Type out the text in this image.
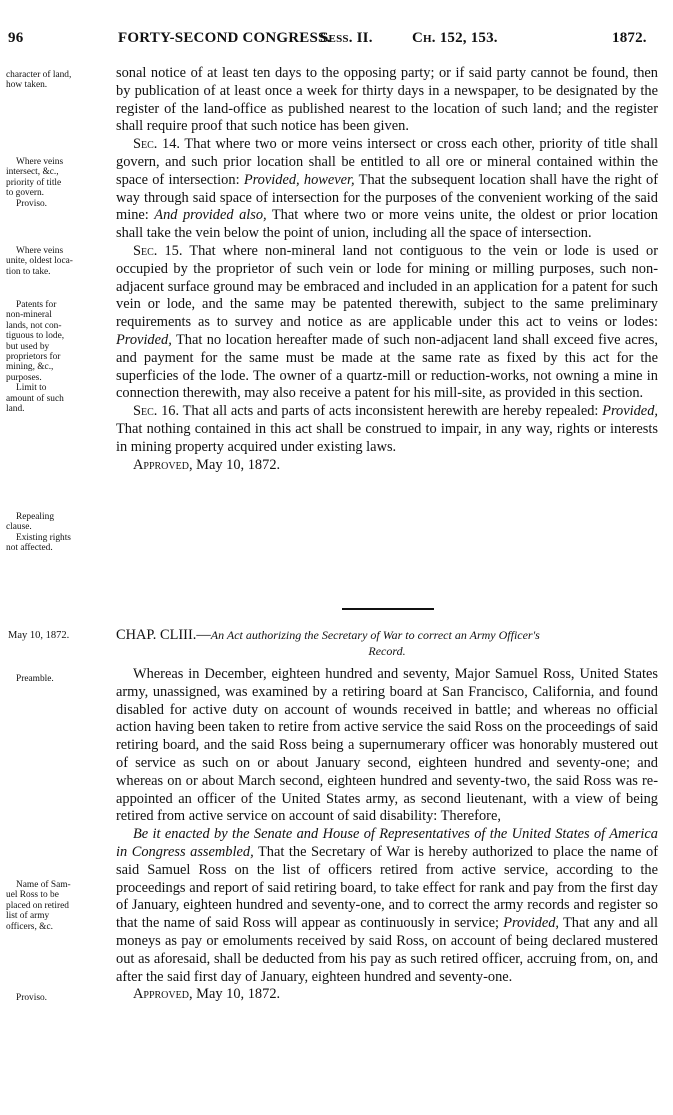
96	FORTY-SECOND CONGRESS.
Sess. II.	Ch. 152, 153.	1872.
character of land,
how taken.
Where veins
intersect, &c.,
priority of title
to govern.
Proviso.
Where veins
unite, oldest loca-
tion to take.
Patents for
non-mineral
lands, not con-
tiguous to lode,
but used by
proprietors for
mining, &c.,
purposes.
Limit to
amount of such
land.
Repealing
clause.
Existing rights
not affected.
Preamble.
Name of Sam-
uel Ross to be
placed on retired
list of army
officers, &c.
Proviso.

sonal notice of at least ten days to the opposing party; or if said party cannot be found, then by publication of at least once a week for thirty days in a newspaper, to be designated by the register of the land-office as published nearest to the location of such land; and the register shall require proof that such notice has been given.

Sec. 14. That where two or more veins intersect or cross each other, priority of title shall govern, and such prior location shall be entitled to all ore or mineral contained within the space of intersection: Provided, however, That the subsequent location shall have the right of way through said space of intersection for the purposes of the convenient working of the said mine: And provided also, That where two or more veins unite, the oldest or prior location shall take the vein below the point of union, including all the space of intersection.

Sec. 15. That where non-mineral land not contiguous to the vein or lode is used or occupied by the proprietor of such vein or lode for mining or milling purposes, such non-adjacent surface ground may be embraced and included in an application for a patent for such vein or lode, and the same may be patented therewith, subject to the same preliminary requirements as to survey and notice as are applicable under this act to veins or lodes: Provided, That no location hereafter made of such non-adjacent land shall exceed five acres, and payment for the same must be made at the same rate as fixed by this act for the superficies of the lode. The owner of a quartz-mill or reduction-works, not owning a mine in connection therewith, may also receive a patent for his mill-site, as provided in this section.

Sec. 16. That all acts and parts of acts inconsistent herewith are hereby repealed: Provided, That nothing contained in this act shall be construed to impair, in any way, rights or interests in mining property acquired under existing laws.

Approved, May 10, 1872.

May 10, 1872.	CHAP. CLIII.—An Act authorizing the Secretary of War to correct an Army Officer's
Record.

Whereas in December, eighteen hundred and seventy, Major Samuel Ross, United States army, unassigned, was examined by a retiring board at San Francisco, California, and found disabled for active duty on account of wounds received in battle; and whereas no official action having been taken to retire from active service the said Ross on the proceedings of said retiring board, and the said Ross being a supernumerary officer was honorably mustered out of service as such on or about January second, eighteen hundred and seventy-one; and whereas on or about March second, eighteen hundred and seventy-two, the said Ross was re-appointed an officer of the United States army, as second lieutenant, with a view of being retired from active service on account of said disability: Therefore,

Be it enacted by the Senate and House of Representatives of the United States of America in Congress assembled, That the Secretary of War is hereby authorized to place the name of said Samuel Ross on the list of officers retired from active service, according to the proceedings and report of said retiring board, to take effect for rank and pay from the first day of January, eighteen hundred and seventy-one, and to correct the army records and register so that the name of said Ross will appear as continuously in service; Provided, That any and all moneys as pay or emoluments received by said Ross, on account of being declared mustered out as aforesaid, shall be deducted from his pay as such retired officer, accruing from, on, and after the said first day of January, eighteen hundred and seventy-one.

Approved, May 10, 1872.
